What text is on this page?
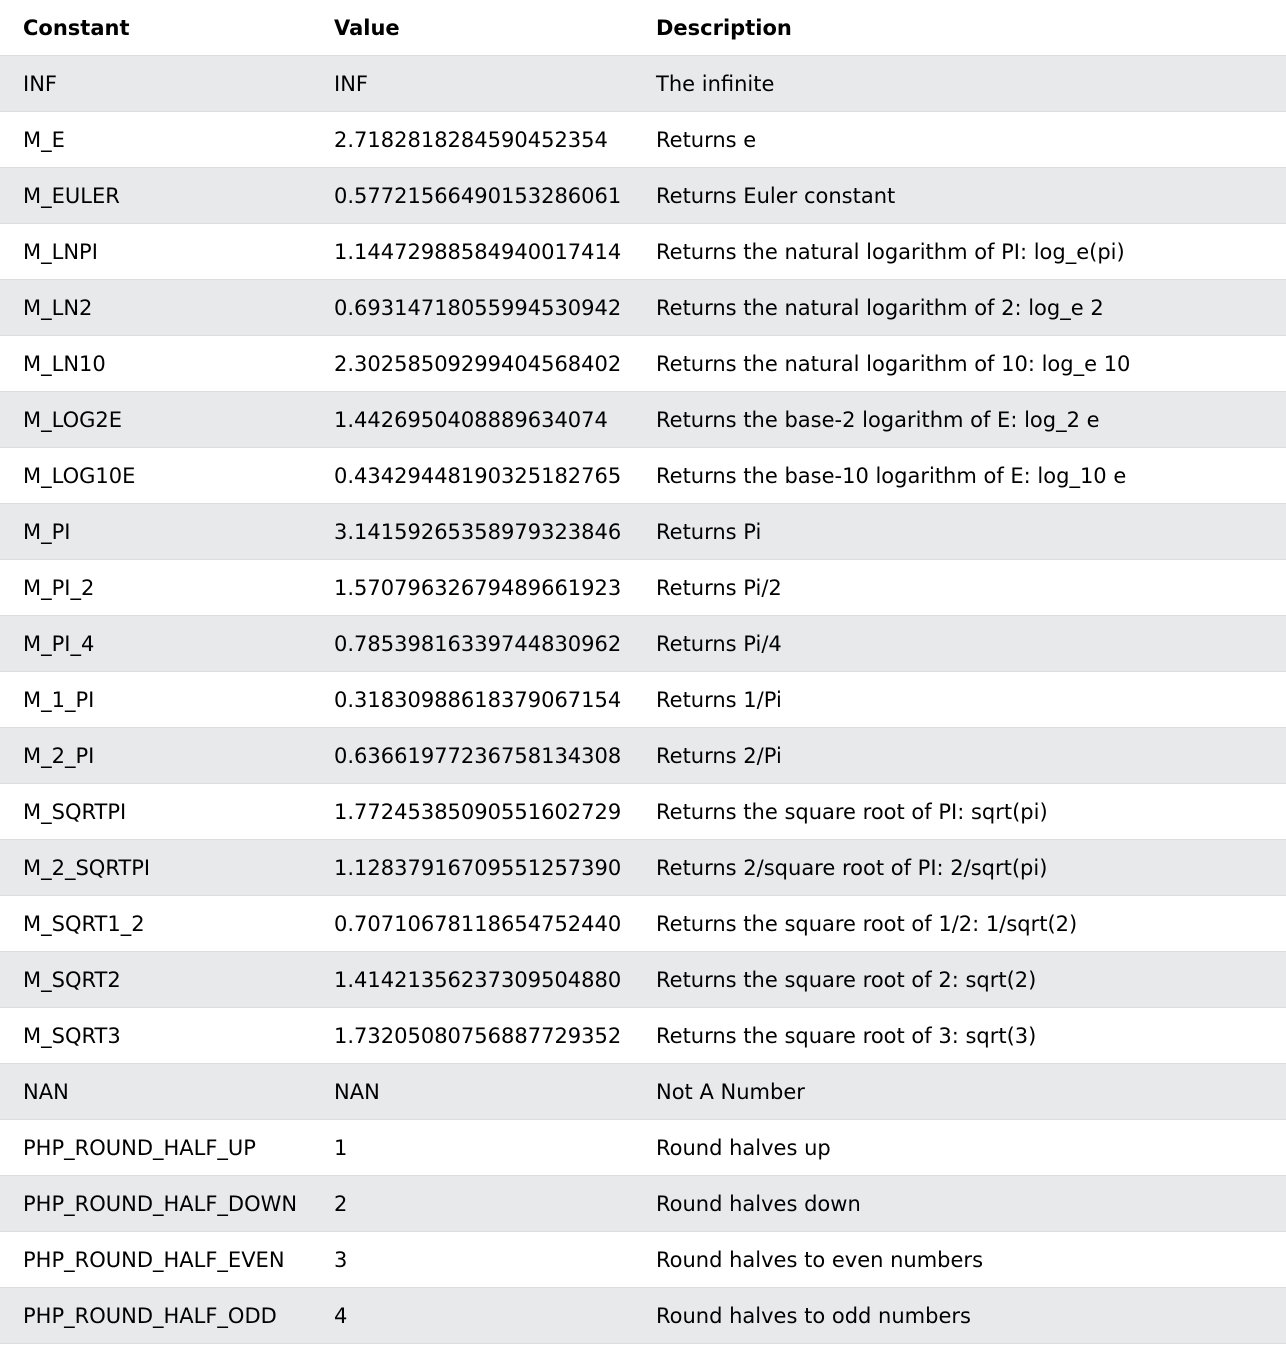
Constant	Value	Description
INF	INF	The infinite
M_E	2.7182818284590452354	Returns e
M_EULER	0.57721566490153286061	Returns Euler constant
M_LNPI	1.14472988584940017414	Returns the natural logarithm of PI: log_e(pi)
M_LN2	0.69314718055994530942	Returns the natural logarithm of 2: log_e 2
M_LN10	2.30258509299404568402	Returns the natural logarithm of 10: log_e 10
M_LOG2E	1.4426950408889634074	Returns the base-2 logarithm of E: log_2 e
M_LOG10E	0.43429448190325182765	Returns the base-10 logarithm of E: log_10 e
M_PI	3.14159265358979323846	Returns Pi
M_PI_2	1.57079632679489661923	Returns Pi/2
M_PI_4	0.78539816339744830962	Returns Pi/4
M_1_PI	0.31830988618379067154	Returns 1/Pi
M_2_PI	0.63661977236758134308	Returns 2/Pi
M_SQRTPI	1.77245385090551602729	Returns the square root of PI: sqrt(pi)
M_2_SQRTPI	1.12837916709551257390	Returns 2/square root of PI: 2/sqrt(pi)
M_SQRT1_2	0.70710678118654752440	Returns the square root of 1/2: 1/sqrt(2)
M_SQRT2	1.41421356237309504880	Returns the square root of 2: sqrt(2)
M_SQRT3	1.73205080756887729352	Returns the square root of 3: sqrt(3)
NAN	NAN	Not A Number
PHP_ROUND_HALF_UP	1	Round halves up
PHP_ROUND_HALF_DOWN	2	Round halves down
PHP_ROUND_HALF_EVEN	3	Round halves to even numbers
PHP_ROUND_HALF_ODD	4	Round halves to odd numbers
